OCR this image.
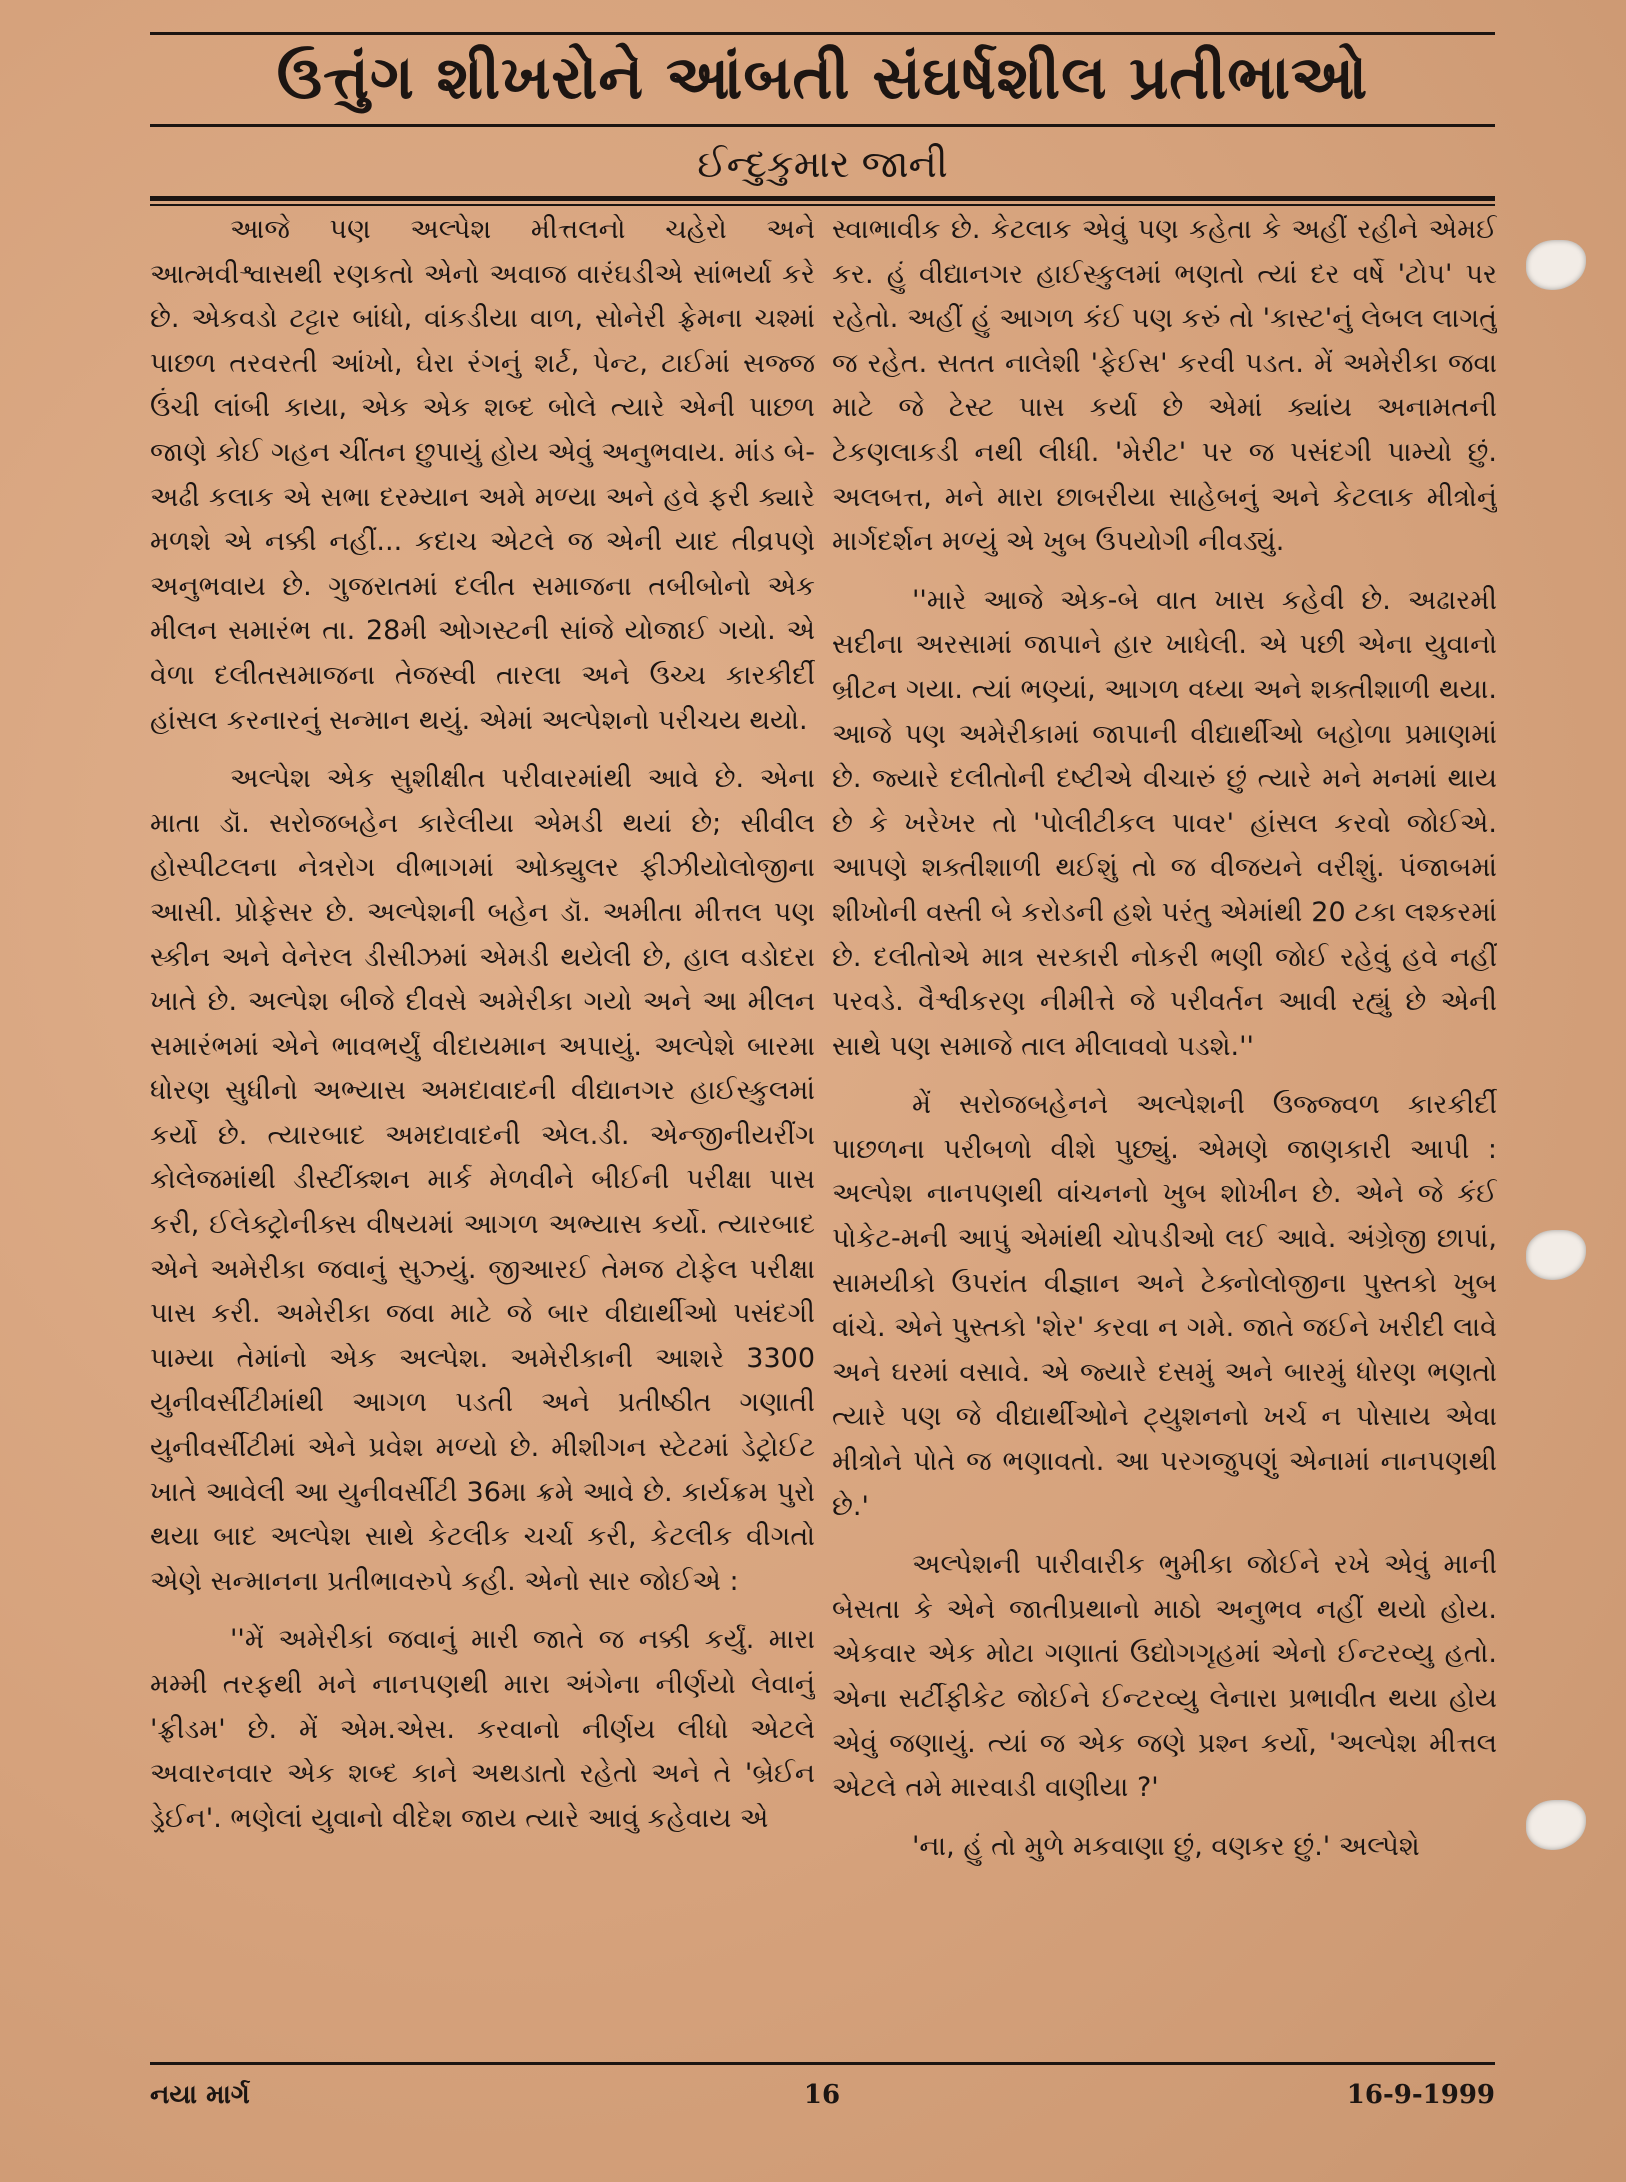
ઉત્તુંગ શીખરોને આંબતી સંઘર્ષશીલ પ્રતીભાઓ
ઈન્દુકુમાર જાની

આજે પણ અલ્પેશ મીત્તલનો ચહેરો અને આત્મવીશ્વાસથી રણકતો એનો અવાજ વારંઘડીએ સાંભર્યા કરે છે. એકવડો ટટ્ટાર બાંધો, વાંકડીયા વાળ, સોનેરી ફ્રેમના ચશ્માં પાછળ તરવરતી આંખો, ઘેરા રંગનું શર્ટ, પેન્ટ, ટાઈમાં સજ્જ ઉંચી લાંબી કાયા, એક એક શબ્દ બોલે ત્યારે એની પાછળ જાણે કોઈ ગહન ચીંતન છુપાયું હોય એવું અનુભવાય. માંડ બે-અઢી કલાક એ સભા દરમ્યાન અમે મળ્યા અને હવે ફરી ક્યારે મળશે એ નક્કી નહીં... કદાચ એટલે જ એની યાદ તીવ્રપણે અનુભવાય છે. ગુજરાતમાં દલીત સમાજના તબીબોનો એક મીલન સમારંભ તા. 28મી ઓગસ્ટની સાંજે યોજાઈ ગયો. એ વેળા દલીતસમાજના તેજસ્વી તારલા અને ઉચ્ચ કારકીર્દી હાંસલ કરનારનું સન્માન થયું. એમાં અલ્પેશનો પરીચય થયો.

અલ્પેશ એક સુશીક્ષીત પરીવારમાંથી આવે છે. એના માતા ડૉ. સરોજબહેન કારેલીયા એમડી થયાં છે; સીવીલ હોસ્પીટલના નેત્રરોગ વીભાગમાં ઓક્યુલર ફીઝીયોલોજીના આસી. પ્રોફેસર છે. અલ્પેશની બહેન ડૉ. અમીતા મીત્તલ પણ સ્કીન અને વેનેરલ ડીસીઝમાં એમડી થયેલી છે, હાલ વડોદરા ખાતે છે. અલ્પેશ બીજે દીવસે અમેરીકા ગયો અને આ મીલન સમારંભમાં એને ભાવભર્યું વીદાયમાન અપાયું. અલ્પેશે બારમા ધોરણ સુધીનો અભ્યાસ અમદાવાદની વીદ્યાનગર હાઈસ્કુલમાં કર્યો છે. ત્યારબાદ અમદાવાદની એલ.ડી. એન્જીનીયરીંગ કોલેજમાંથી ડીસ્ટીંક્શન માર્ક મેળવીને બીઈની પરીક્ષા પાસ કરી, ઈલેક્ટ્રોનીક્સ વીષયમાં આગળ અભ્યાસ કર્યો. ત્યારબાદ એને અમેરીકા જવાનું સુઝ્યું. જીઆરઈ તેમજ ટોફેલ પરીક્ષા પાસ કરી. અમેરીકા જવા માટે જે બાર વીદ્યાર્થીઓ પસંદગી પામ્યા તેમાંનો એક અલ્પેશ. અમેરીકાની આશરે 3300 યુનીવર્સીટીમાંથી આગળ પડતી અને પ્રતીષ્ઠીત ગણાતી યુનીવર્સીટીમાં એને પ્રવેશ મળ્યો છે. મીશીગન સ્ટેટમાં ડેટ્રોઈટ ખાતે આવેલી આ યુનીવર્સીટી 36મા ક્રમે આવે છે. કાર્યક્રમ પુરો થયા બાદ અલ્પેશ સાથે કેટલીક ચર્ચા કરી, કેટલીક વીગતો એણે સન્માનના પ્રતીભાવરુપે કહી. એનો સાર જોઈએ :

''મેં અમેરીકાં જવાનું મારી જાતે જ નક્કી કર્યું. મારા મમ્મી તરફથી મને નાનપણથી મારા અંગેના નીર્ણયો લેવાનું 'ફ્રીડમ' છે. મેં એમ.એસ. કરવાનો નીર્ણય લીધો એટલે અવારનવાર એક શબ્દ કાને અથડાતો રહેતો અને તે 'બ્રેઈન ડ્રેઈન'. ભણેલાં યુવાનો વીદેશ જાય ત્યારે આવું કહેવાય એ

સ્વાભાવીક છે. કેટલાક એવું પણ કહેતા કે અહીં રહીને એમઈ કર. હું વીદ્યાનગર હાઈસ્કુલમાં ભણતો ત્યાં દર વર્ષે 'ટોપ' પર રહેતો. અહીં હું આગળ કંઈ પણ કરું તો 'કાસ્ટ'નું લેબલ લાગતું જ રહેત. સતત નાલેશી 'ફેઈસ' કરવી પડત. મેં અમેરીકા જવા માટે જે ટેસ્ટ પાસ કર્યા છે એમાં ક્યાંય અનામતની ટેકણલાકડી નથી લીધી. 'મેરીટ' પર જ પસંદગી પામ્યો છું. અલબત્ત, મને મારા છાબરીયા સાહેબનું અને કેટલાક મીત્રોનું માર્ગદર્શન મળ્યું એ ખુબ ઉપયોગી નીવડ્યું.

''મારે આજે એક-બે વાત ખાસ કહેવી છે. અઢારમી સદીના અરસામાં જાપાને હાર ખાધેલી. એ પછી એના યુવાનો બ્રીટન ગયા. ત્યાં ભણ્યાં, આગળ વધ્યા અને શક્તીશાળી થયા. આજે પણ અમેરીકામાં જાપાની વીદ્યાર્થીઓ બહોળા પ્રમાણમાં છે. જ્યારે દલીતોની દષ્ટીએ વીચારું છું ત્યારે મને મનમાં થાય છે કે ખરેખર તો 'પોલીટીકલ પાવર' હાંસલ કરવો જોઈએ. આપણે શક્તીશાળી થઈશું તો જ વીજયને વરીશું. પંજાબમાં શીખોની વસ્તી બે કરોડની હશે પરંતુ એમાંથી 20 ટકા લશ્કરમાં છે. દલીતોએ માત્ર સરકારી નોકરી ભણી જોઈ રહેવું હવે નહીં પરવડે. વૈશ્વીકરણ નીમીત્તે જે પરીવર્તન આવી રહ્યું છે એની સાથે પણ સમાજે તાલ મીલાવવો પડશે.''

મેં સરોજબહેનને અલ્પેશની ઉજ્જ્વળ કારકીર્દી પાછળના પરીબળો વીશે પુછ્યું. એમણે જાણકારી આપી : અલ્પેશ નાનપણથી વાંચનનો ખુબ શોખીન છે. એને જે કંઈ પોકેટ-મની આપું એમાંથી ચોપડીઓ લઈ આવે. અંગ્રેજી છાપાં, સામયીકો ઉપરાંત વીજ્ઞાન અને ટેક્નોલોજીના પુસ્તકો ખુબ વાંચે. એને પુસ્તકો 'શેર' કરવા ન ગમે. જાતે જઈને ખરીદી લાવે અને ઘરમાં વસાવે. એ જ્યારે દસમું અને બારમું ધોરણ ભણતો ત્યારે પણ જે વીદ્યાર્થીઓને ટ્યુશનનો ખર્ચ ન પોસાય એવા મીત્રોને પોતે જ ભણાવતો. આ પરગજુપણું એનામાં નાનપણથી છે.'

અલ્પેશની પારીવારીક ભુમીકા જોઈને રખે એવું માની બેસતા કે એને જાતીપ્રથાનો માઠો અનુભવ નહીં થયો હોય. એકવાર એક મોટા ગણાતાં ઉદ્યોગગૃહમાં એનો ઈન્ટરવ્યુ હતો. એના સર્ટીફીકેટ જોઈને ઈન્ટરવ્યુ લેનારા પ્રભાવીત થયા હોય એવું જણાયું. ત્યાં જ એક જણે પ્રશ્ન કર્યો, 'અલ્પેશ મીત્તલ એટલે તમે મારવાડી વાણીયા ?'

'ના, હું તો મુળે મકવાણા છું, વણકર છું.' અલ્પેશે

નયા માર્ગ	16	16-9-1999
